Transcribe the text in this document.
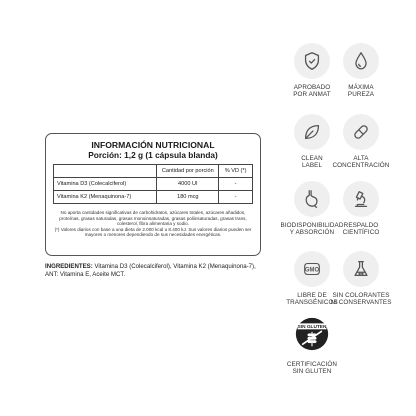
INFORMACIÓN NUTRICIONAL
Porción: 1,2 g (1 cápsula blanda)
	Cantidad por porción	% VD (*)
Vitamina D3 (Colecalciferol)	4000 UI	-
Vitamina K2 (Menaquinona-7)	180 mcg	-
No aporta cantidades significativas de carbohidratos, azúcares totales, azúcares añadidos, proteínas, grasas saturadas, grasas monoinsaturadas, grasas poliinsaturadas, grasas trans, colesterol, fibra alimentaria y sodio.
(*) Valores diarios con base a una dieta de 2.000 kcal u 8.400 kJ. Sus valores diarios pueden ser mayores o menores dependiendo de sus necesidades energéticas.
INGREDIENTES: Vitamina D3 (Colecalciferol), Vitamina K2 (Menaquinona-7), ANT: Vitamina E, Aceite MCT.
APROBADO
POR ANMAT
MÁXIMA
PUREZA
CLEAN
LABEL
ALTA
CONCENTRACIÓN
BIODISPONIBILIDAD
Y ABSORCIÓN
RESPALDO
CIENTÍFICO
GMO
LIBRE DE
TRANSGÉNICOS
SIN COLORANTES
NI CONSERVANTES
SIN GLUTEN
CERTIFICACIÓN
SIN GLUTEN
